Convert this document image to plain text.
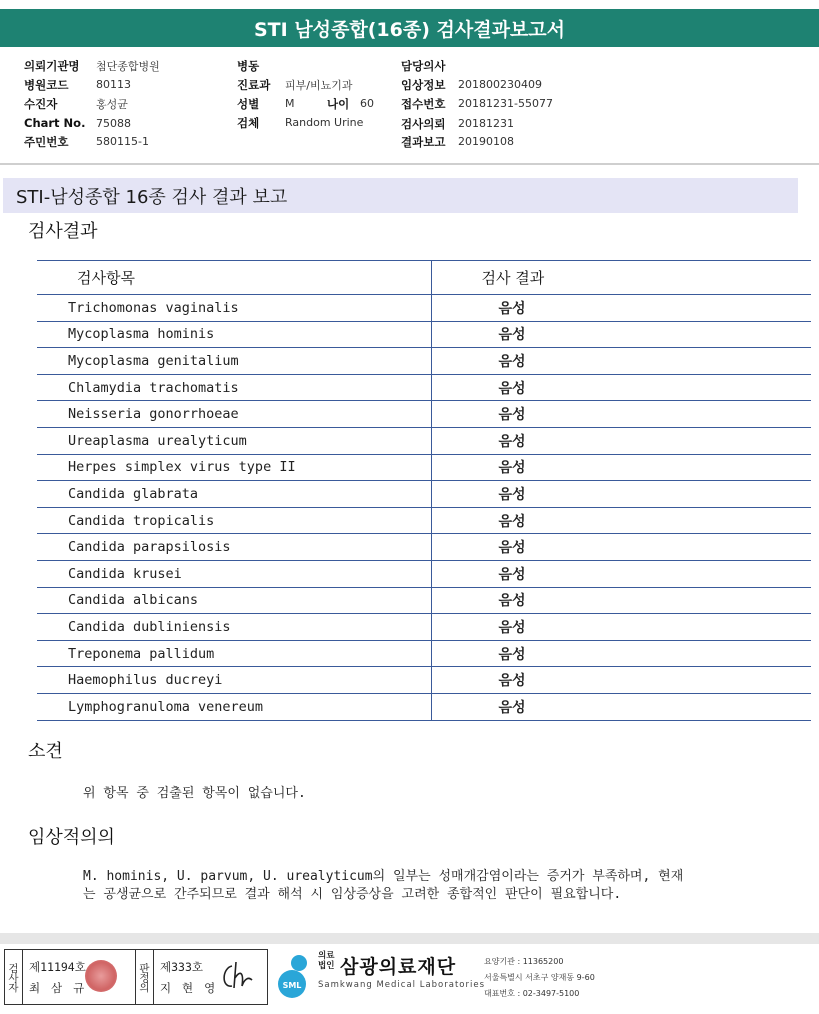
STI 남성종합(16종) 검사결과보고서
의뢰기관명 첨단종합병원
병원코드	80113
수진자	홍성균
Chart No. 75088
주민번호	580115-1
병동
진료과 피부/비뇨기과
성별 M	나이 60
검체 Random Urine
담당의사
임상정보 201800230409
접수번호 20181231-55077
검사의뢰 20181231
결과보고 20190108
STI-남성종합 16종 검사 결과 보고
검사결과
검사항목	검사 결과
Trichomonas vaginalis	음성
Mycoplasma hominis	음성
Mycoplasma genitalium	음성
Chlamydia trachomatis	음성
Neisseria gonorrhoeae	음성
Ureaplasma urealyticum	음성
Herpes simplex virus type II	음성
Candida glabrata	음성
Candida tropicalis	음성
Candida parapsilosis	음성
Candida krusei	음성
Candida albicans	음성
Candida dubliniensis	음성
Treponema pallidum	음성
Haemophilus ducreyi	음성
Lymphogranuloma venereum	음성
소견
위 항목 중 검출된 항목이 없습니다.
임상적의의
M. hominis, U. parvum, U. urealyticum의 일부는 성매개감염이라는 증거가 부족하며, 현재
는 공생균으로 간주되므로 결과 해석 시 임상증상을 고려한 종합적인 판단이 필요합니다.
검사자 제11194호
최 삼 규	판정의 제333호
지 현 영	SML
의료
법인 삼광의료재단
Samkwang Medical Laboratories
요양기관 : 11365200
서울특별시 서초구 양재동 9-60
대표번호 : 02-3497-5100
